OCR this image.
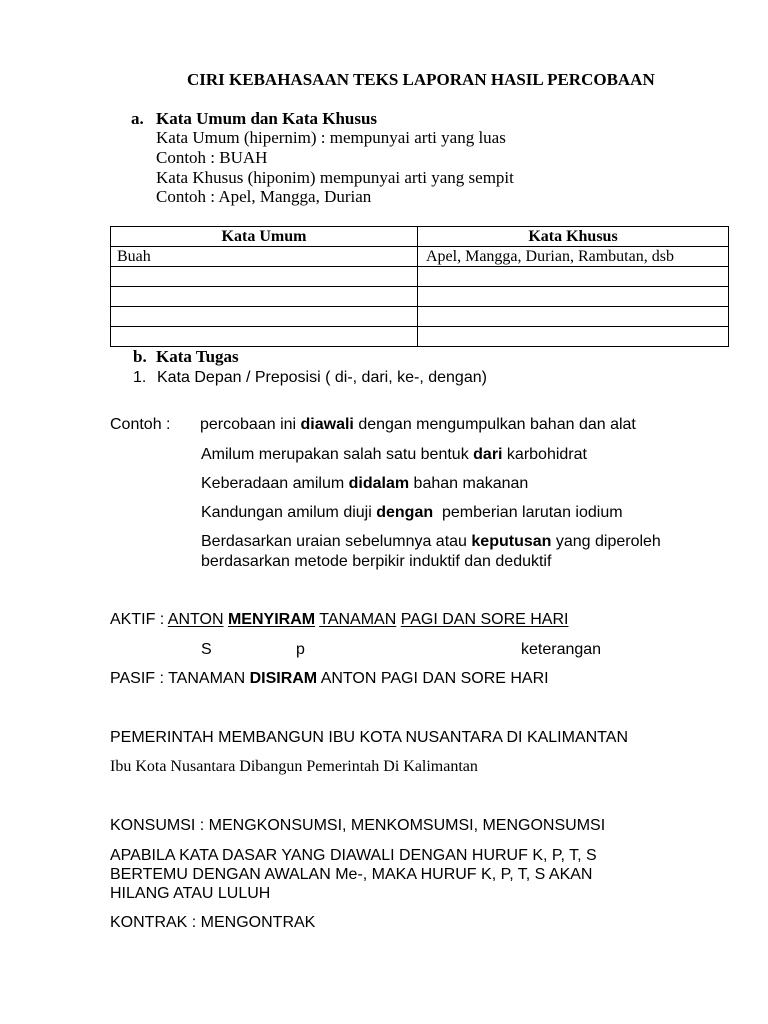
CIRI KEBAHASAAN TEKS LAPORAN HASIL PERCOBAAN
a. Kata Umum dan Kata Khusus
Kata Umum (hipernim) : mempunyai arti yang luas
Contoh : BUAH
Kata Khusus (hiponim) mempunyai arti yang sempit
Contoh : Apel, Mangga, Durian
Kata Umum	Kata Khusus
Buah	Apel, Mangga, Durian, Rambutan, dsb

b. Kata Tugas
1. Kata Depan / Preposisi ( di-, dari, ke-, dengan)
Contoh : percobaan ini diawali dengan mengumpulkan bahan dan alat
Amilum merupakan salah satu bentuk dari karbohidrat
Keberadaan amilum didalam bahan makanan
Kandungan amilum diuji dengan  pemberian larutan iodium
Berdasarkan uraian sebelumnya atau keputusan yang diperoleh
berdasarkan metode berpikir induktif dan deduktif
AKTIF : ANTON MENYIRAM TANAMAN PAGI DAN SORE HARI
S	p	keterangan
PASIF : TANAMAN DISIRAM ANTON PAGI DAN SORE HARI
PEMERINTAH MEMBANGUN IBU KOTA NUSANTARA DI KALIMANTAN
Ibu Kota Nusantara Dibangun Pemerintah Di Kalimantan
KONSUMSI : MENGKONSUMSI, MENKOMSUMSI, MENGONSUMSI
APABILA KATA DASAR YANG DIAWALI DENGAN HURUF K, P, T, S
BERTEMU DENGAN AWALAN Me-, MAKA HURUF K, P, T, S AKAN
HILANG ATAU LULUH
KONTRAK : MENGONTRAK
